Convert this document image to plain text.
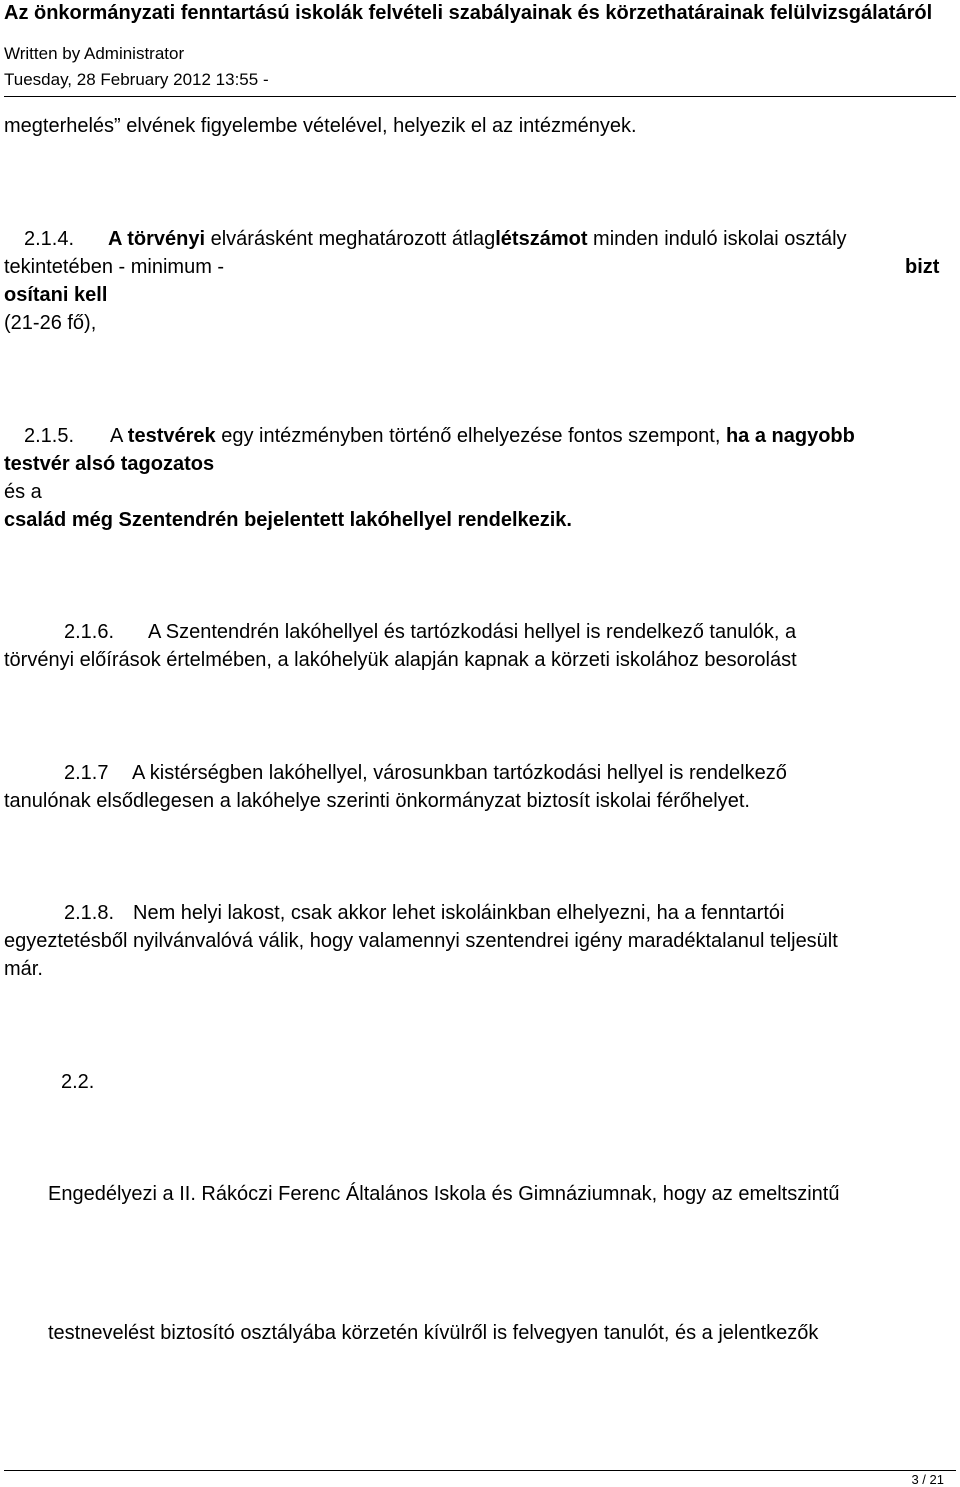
Az önkormányzati fenntartású iskolák felvételi szabályainak és körzethatárainak felülvizsgálatáról
Written by Administrator
Tuesday, 28 February 2012 13:55 -
megterhelés” elvének figyelembe vételével, helyezik el az intézmények.
2.1.4. A törvényi elvárásként meghatározott átlaglétszámot minden induló iskolai osztály
tekintetében - minimum -	bizt
osítani kell
(21-26 fő),
2.1.5. A testvérek egy intézményben történő elhelyezése fontos szempont, ha a nagyobb
testvér alsó tagozatos
és a
család még Szentendrén bejelentett lakóhellyel rendelkezik.
2.1.6. A Szentendrén lakóhellyel és tartózkodási hellyel is rendelkező tanulók, a
törvényi előírások értelmében, a lakóhelyük alapján kapnak a körzeti iskolához besorolást
2.1.7 A kistérségben lakóhellyel, városunkban tartózkodási hellyel is rendelkező
tanulónak elsődlegesen a lakóhelye szerinti önkormányzat biztosít iskolai férőhelyet.
2.1.8. Nem helyi lakost, csak akkor lehet iskoláinkban elhelyezni, ha a fenntartói
egyeztetésből nyilvánvalóvá válik, hogy valamennyi szentendrei igény maradéktalanul teljesült
már.
2.2.
Engedélyezi a II. Rákóczi Ferenc Általános Iskola és Gimnáziumnak, hogy az emeltszintű
testnevelést biztosító osztályába körzetén kívülről is felvegyen tanulót, és a jelentkezők
3 / 21
